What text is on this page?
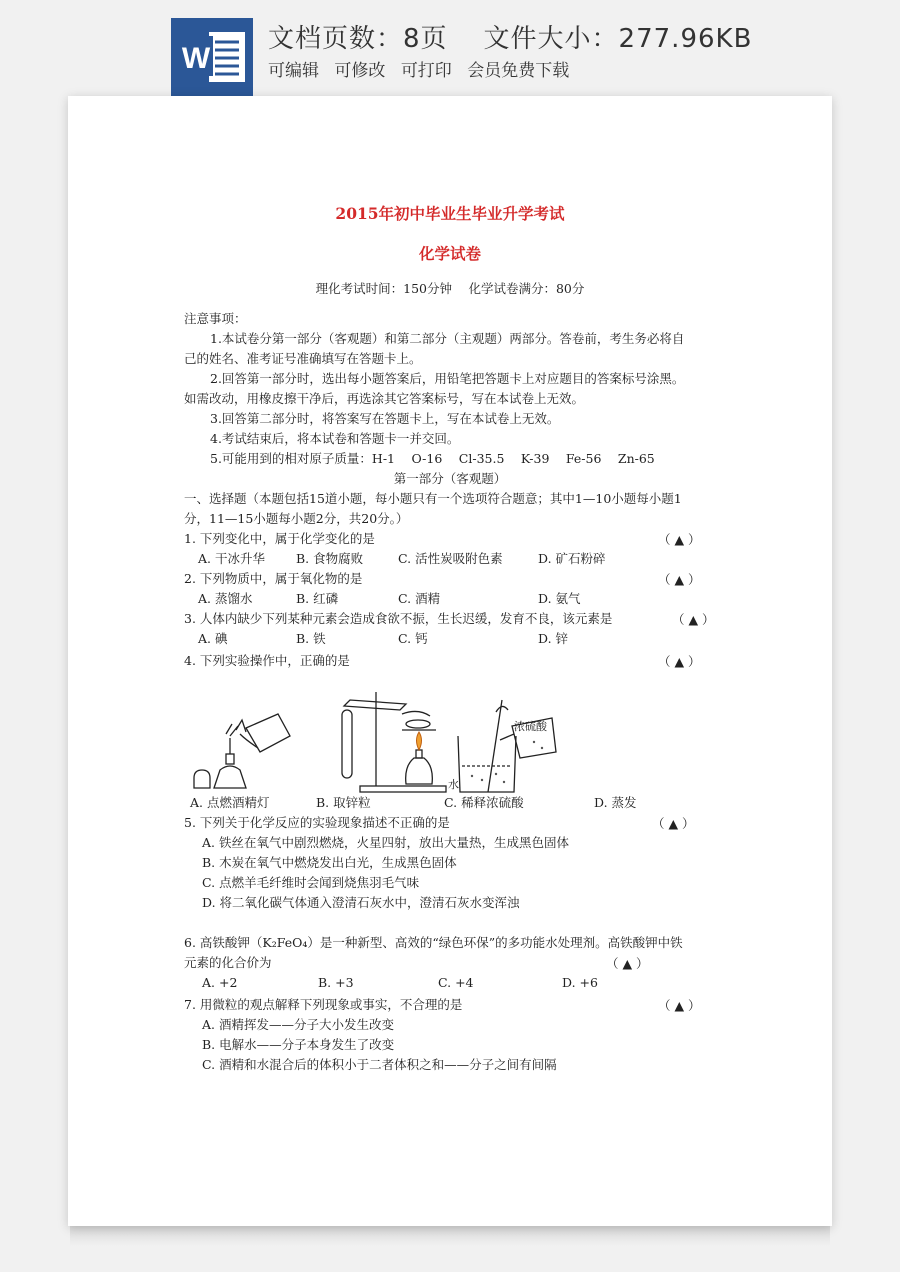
W
文档页数：8页 文件大小：277.96KB
可编辑 可修改 可打印 会员免费下载
2015年初中毕业生毕业升学考试
化学试卷
理化考试时间：150分钟　 化学试卷满分：80分
注意事项：
1.本试卷分第一部分（客观题）和第二部分（主观题）两部分。答卷前，考生务必将自
己的姓名、准考证号准确填写在答题卡上。
2.回答第一部分时，选出每小题答案后，用铅笔把答题卡上对应题目的答案标号涂黑。
如需改动，用橡皮擦干净后，再选涂其它答案标号，写在本试卷上无效。
3.回答第二部分时，将答案写在答题卡上，写在本试卷上无效。
4.考试结束后，将本试卷和答题卡一并交回。
5.可能用到的相对原子质量：H-1　 O-16　 Cl-35.5　 K-39　 Fe-56　 Zn-65
第一部分（客观题）
一、选择题（本题包括15道小题，每小题只有一个选项符合题意；其中1—10小题每小题1
分，11—15小题每小题2分，共20分。）
1. 下列变化中，属于化学变化的是	（ ▲ ）
A. 干冰升华 B. 食物腐败	C. 活性炭吸附色素	D. 矿石粉碎
2. 下列物质中，属于氧化物的是	（ ▲ ）
A. 蒸馏水	B. 红磷	C. 酒精	D. 氨气
3. 人体内缺少下列某种元素会造成食欲不振，生长迟缓，发育不良，该元素是	（ ▲ ）
A. 碘	B. 铁	C. 钙	D. 锌
4. 下列实验操作中，正确的是	（ ▲ ）
浓硫酸
水
A. 点燃酒精灯	B. 取锌粒	C. 稀释浓硫酸	D. 蒸发
5. 下列关于化学反应的实验现象描述不正确的是	（ ▲ ）
A. 铁丝在氧气中剧烈燃烧，火星四射，放出大量热，生成黑色固体
B. 木炭在氧气中燃烧发出白光，生成黑色固体
C. 点燃羊毛纤维时会闻到烧焦羽毛气味
D. 将二氧化碳气体通入澄清石灰水中，澄清石灰水变浑浊
6. 高铁酸钾（K₂FeO₄）是一种新型、高效的“绿色环保”的多功能水处理剂。高铁酸钾中铁
元素的化合价为	（ ▲ ）
A. +2	B. +3	C. +4	D. +6
7. 用微粒的观点解释下列现象或事实，不合理的是	（ ▲ ）
A. 酒精挥发——分子大小发生改变
B. 电解水——分子本身发生了改变
C. 酒精和水混合后的体积小于二者体积之和——分子之间有间隔
